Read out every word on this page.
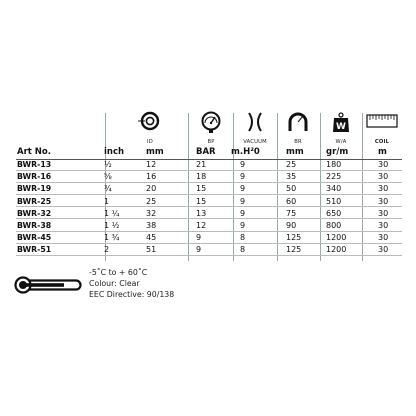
ID	BP	VACUUM	BR
W
W/A	COIL
Art No.	inch	mm	BAR	m.H²0	mm	gr/m	m
BWR-13	½	12	21	9	25	180	30
BWR-16	⅝	16	18	9	35	225	30
BWR-19	¾	20	15	9	50	340	30
BWR-25	1	25	15	9	60	510	30
BWR-32	1 ¼	32	13	9	75	650	30
BWR-38	1 ½	38	12	9	90	800	30
BWR-45	1 ¾	45	9	8	125	1200	30
BWR-51	2	51	9	8	125	1200	30
-5˚C to + 60˚C
Colour: Clear
EEC Directive: 90/138
